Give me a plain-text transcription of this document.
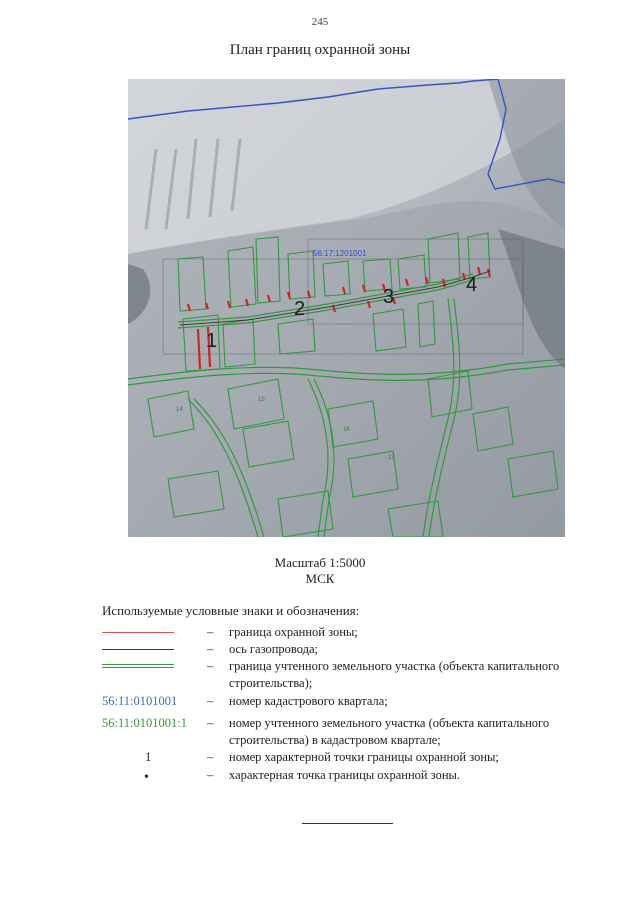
245
План границ охранной зоны
56:17:1201001
14
15
16
17
1
2
3
4
Масштаб 1:5000
МСК
Используемые условные знаки и обозначения:
– граница охранной зоны;
– ось газопровода;
– граница учтенного земельного участка (объекта капитального строительства);
56:11:0101001	– номер кадастрового квартала;
56:11:0101001:1	– номер учтенного земельного участка (объекта капитального строительства) в кадастровом квартале;
1	– номер характерной точки границы охранной зоны;
•	– характерная точка границы охранной зоны.
